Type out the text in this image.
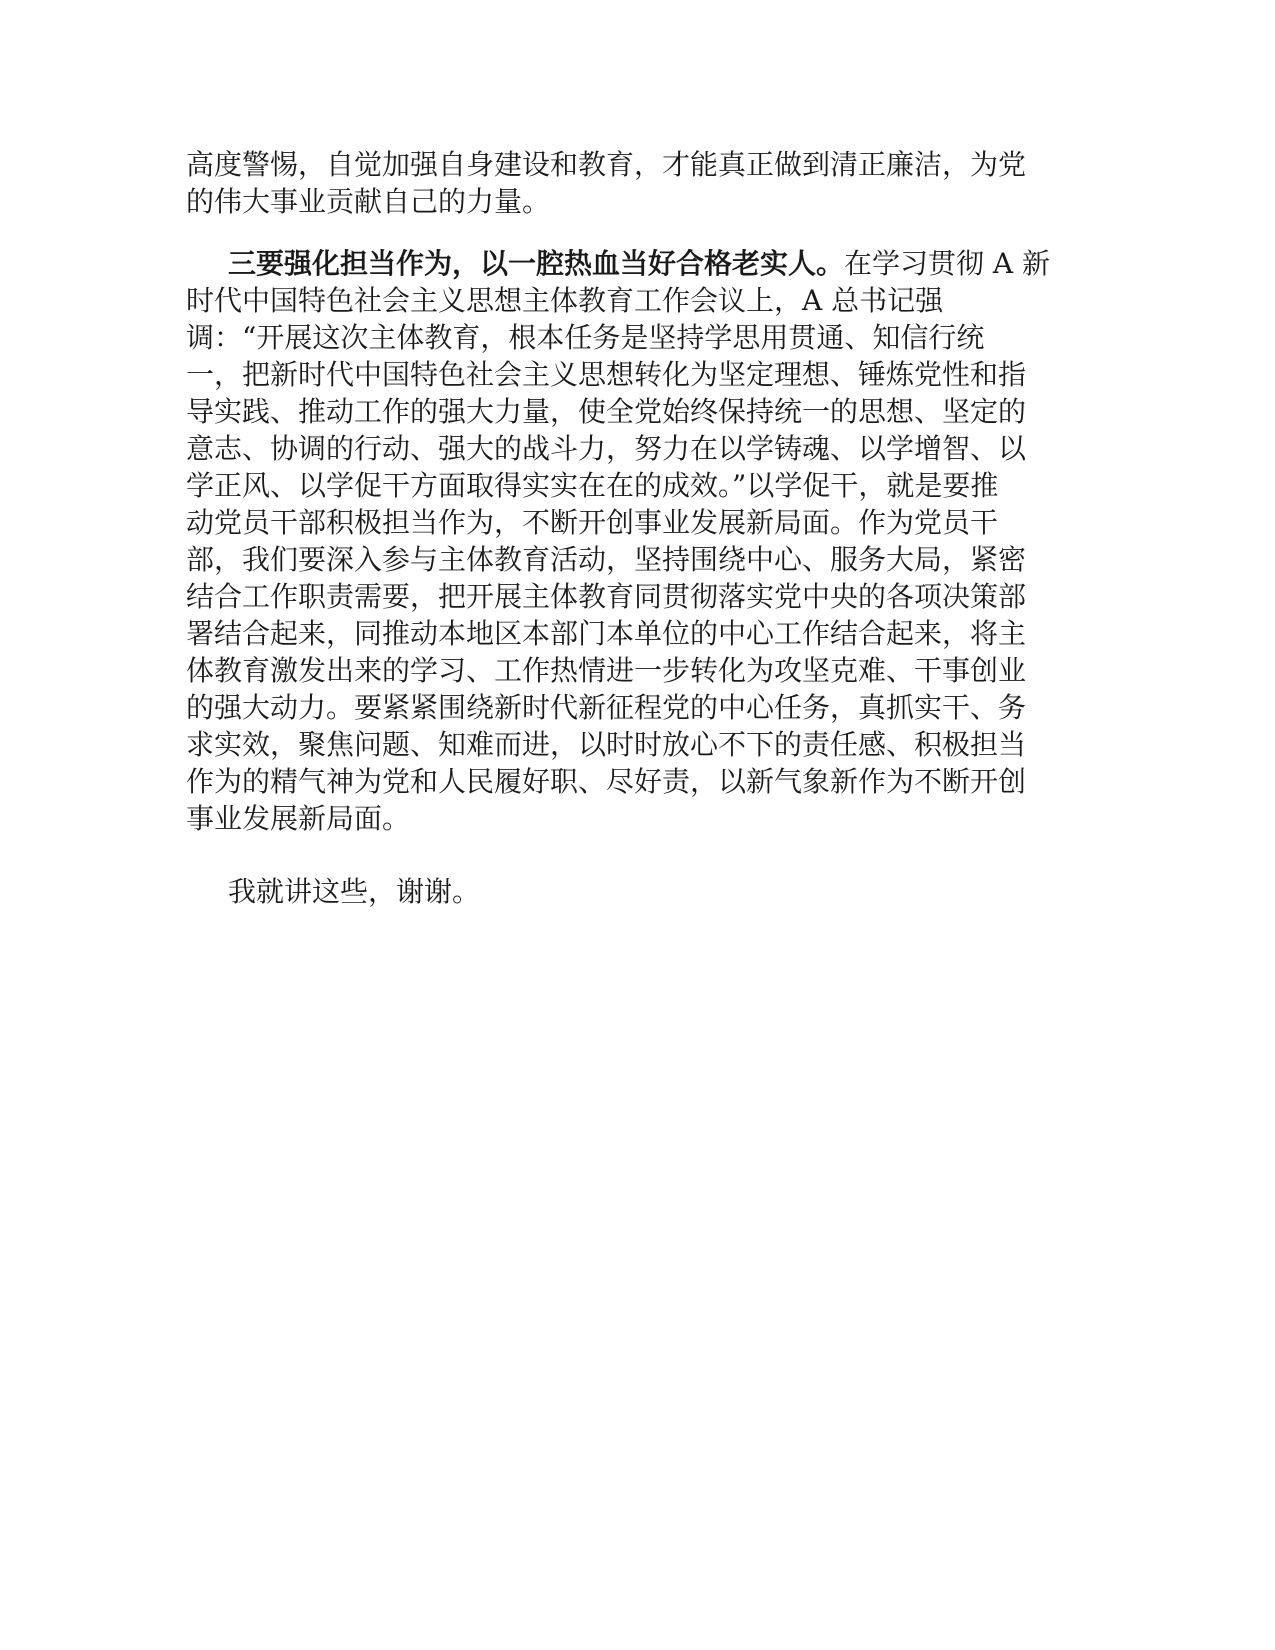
高度警惕，自觉加强自身建设和教育，才能真正做到清正廉洁，为党
的伟大事业贡献自己的力量。
三要强化担当作为，以一腔热血当好合格老实人。在学习贯彻 A 新
时代中国特色社会主义思想主体教育工作会议上，A 总书记强
调：“开展这次主体教育，根本任务是坚持学思用贯通、知信行统
一，把新时代中国特色社会主义思想转化为坚定理想、锤炼党性和指
导实践、推动工作的强大力量，使全党始终保持统一的思想、坚定的
意志、协调的行动、强大的战斗力，努力在以学铸魂、以学增智、以
学正风、以学促干方面取得实实在在的成效。”以学促干，就是要推
动党员干部积极担当作为，不断开创事业发展新局面。作为党员干
部，我们要深入参与主体教育活动，坚持围绕中心、服务大局，紧密
结合工作职责需要，把开展主体教育同贯彻落实党中央的各项决策部
署结合起来，同推动本地区本部门本单位的中心工作结合起来，将主
体教育激发出来的学习、工作热情进一步转化为攻坚克难、干事创业
的强大动力。要紧紧围绕新时代新征程党的中心任务，真抓实干、务
求实效，聚焦问题、知难而进，以时时放心不下的责任感、积极担当
作为的精气神为党和人民履好职、尽好责，以新气象新作为不断开创
事业发展新局面。
我就讲这些，谢谢。
